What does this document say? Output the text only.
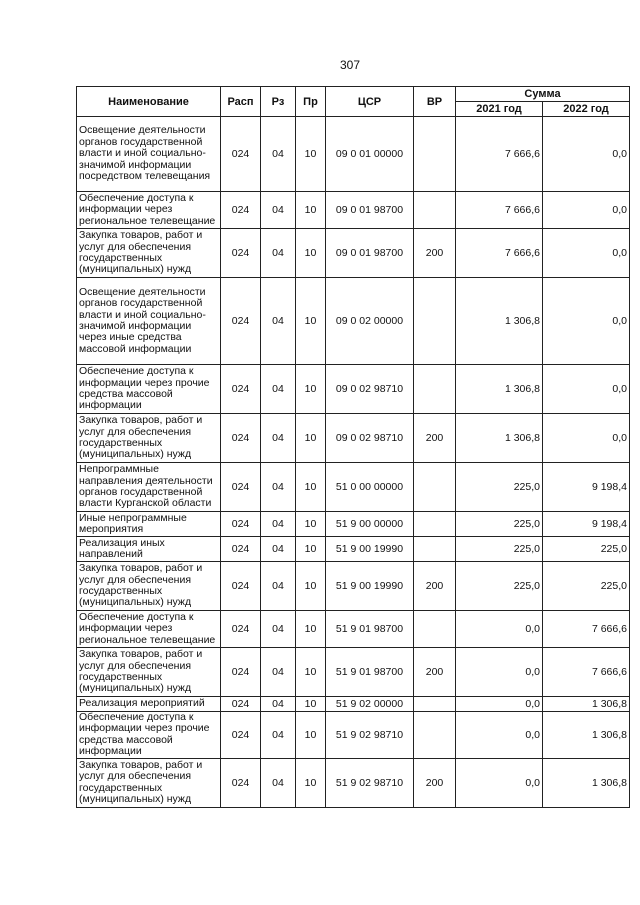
307
Наименование	Расп	Рз	Пр	ЦСР	ВР	Сумма	
						2021 год	2022 год
Освещение деятельности органов государственной власти и иной социально-значимой информации посредством телевещания	024	04	10	09 0 01 00000		7 666,6	0,0
Обеспечение доступа к информации через региональное телевещание	024	04	10	09 0 01 98700		7 666,6	0,0
Закупка товаров, работ и услуг для обеспечения государственных (муниципальных) нужд	024	04	10	09 0 01 98700	200	7 666,6	0,0
Освещение деятельности органов государственной власти и иной социально-значимой информации через иные средства массовой информации	024	04	10	09 0 02 00000		1 306,8	0,0
Обеспечение доступа к информации через прочие средства массовой информации	024	04	10	09 0 02 98710		1 306,8	0,0
Закупка товаров, работ и услуг для обеспечения государственных (муниципальных) нужд	024	04	10	09 0 02 98710	200	1 306,8	0,0
Непрограммные направления деятельности органов государственной власти Курганской области	024	04	10	51 0 00 00000		225,0	9 198,4
Иные непрограммные мероприятия	024	04	10	51 9 00 00000		225,0	9 198,4
Реализация иных направлений	024	04	10	51 9 00 19990		225,0	225,0
Закупка товаров, работ и услуг для обеспечения государственных (муниципальных) нужд	024	04	10	51 9 00 19990	200	225,0	225,0
Обеспечение доступа к информации через региональное телевещание	024	04	10	51 9 01 98700		0,0	7 666,6
Закупка товаров, работ и услуг для обеспечения государственных (муниципальных) нужд	024	04	10	51 9 01 98700	200	0,0	7 666,6
Реализация мероприятий	024	04	10	51 9 02 00000		0,0	1 306,8
Обеспечение доступа к информации через прочие средства массовой информации	024	04	10	51 9 02 98710		0,0	1 306,8
Закупка товаров, работ и услуг для обеспечения государственных (муниципальных) нужд	024	04	10	51 9 02 98710	200	0,0	1 306,8
